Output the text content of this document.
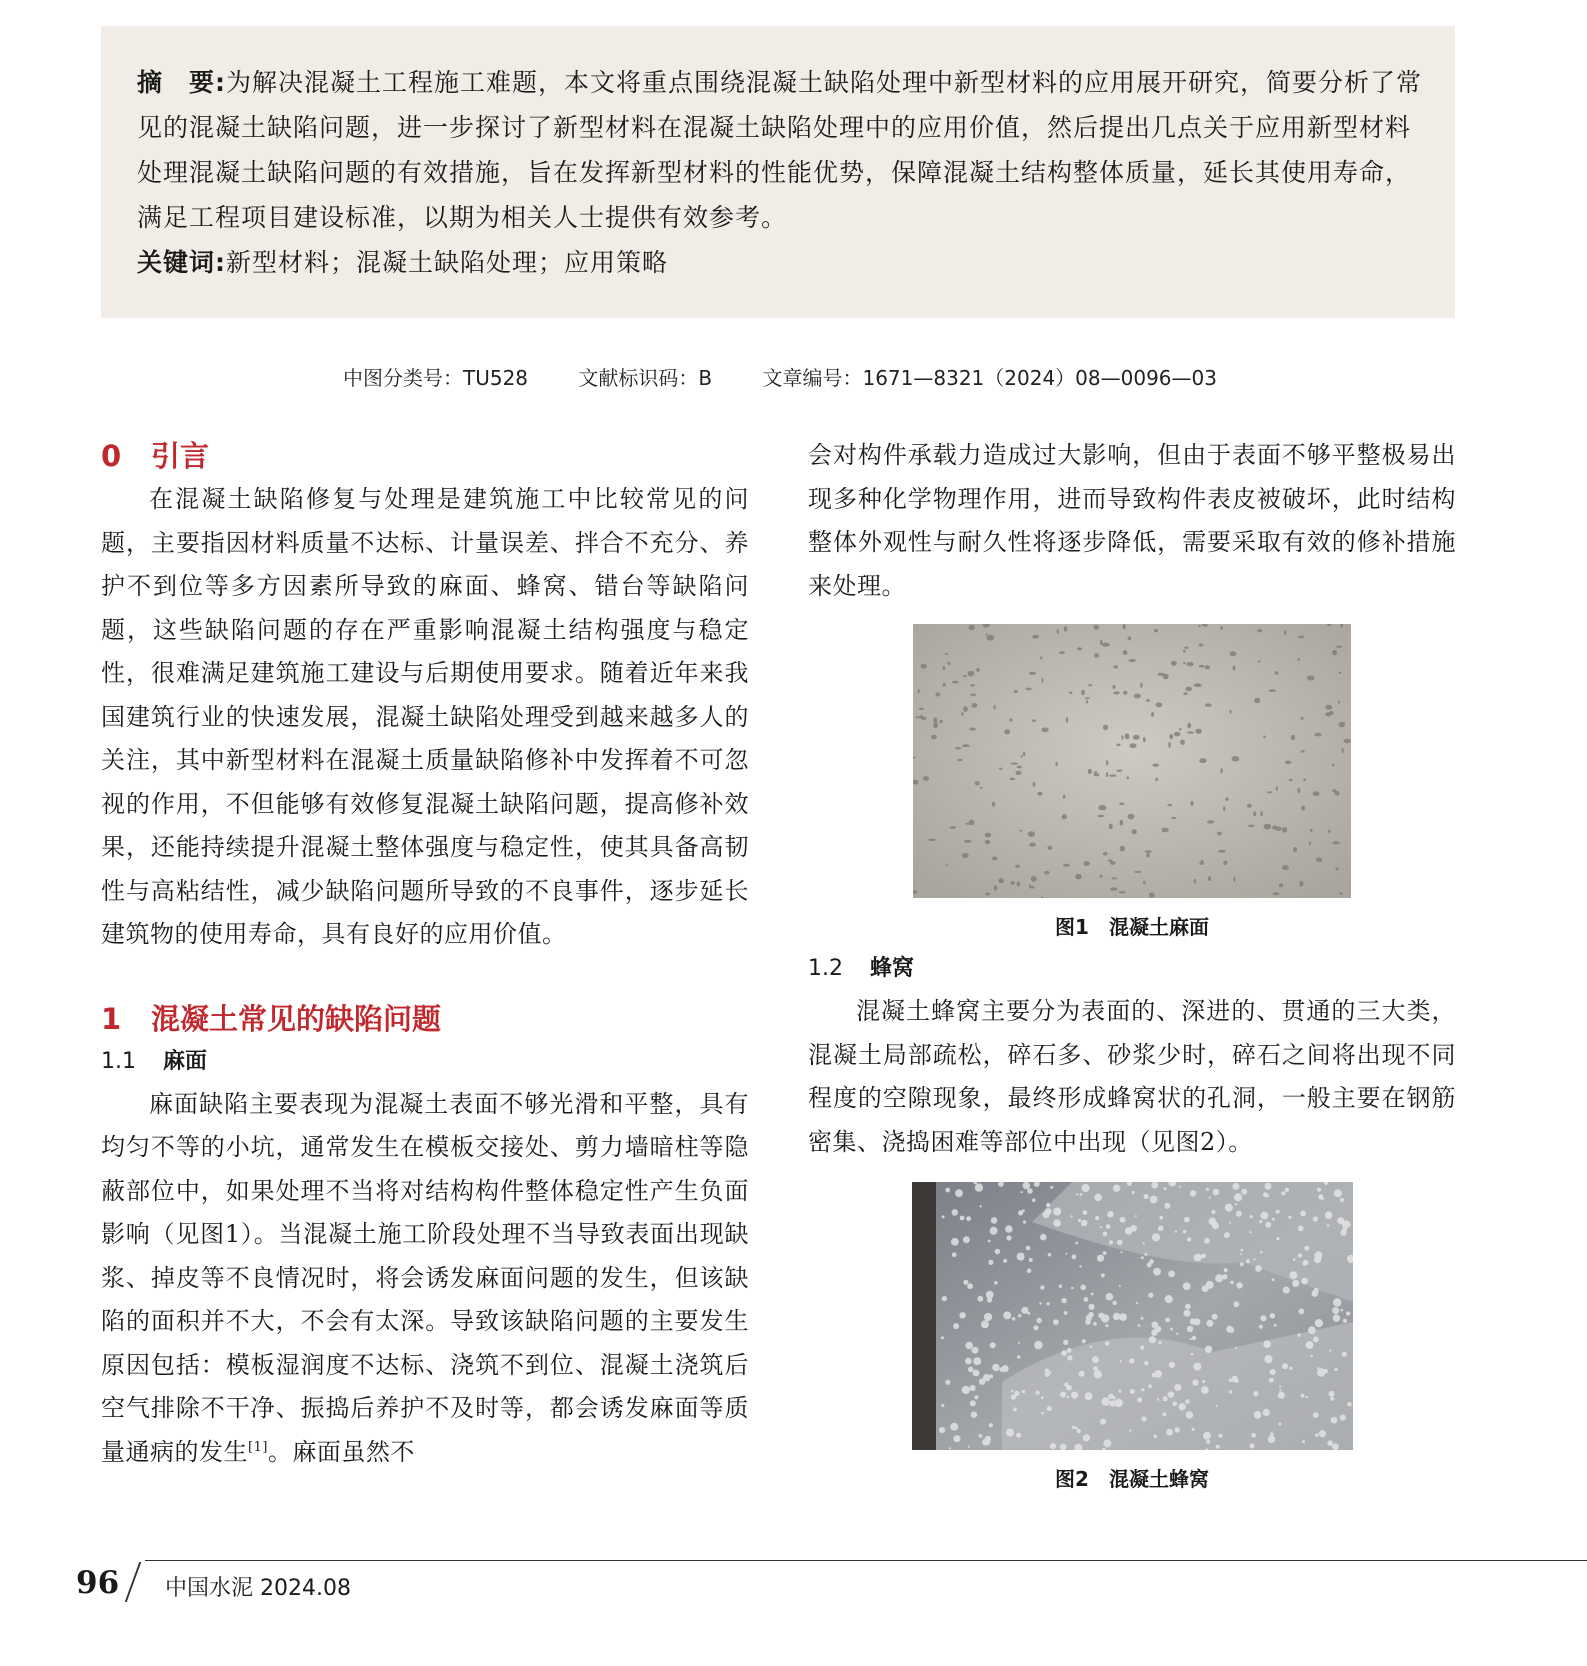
摘　要:为解决混凝土工程施工难题，本文将重点围绕混凝土缺陷处理中新型材料的应用展开研究，简要分析了常见的混凝土缺陷问题，进一步探讨了新型材料在混凝土缺陷处理中的应用价值，然后提出几点关于应用新型材料处理混凝土缺陷问题的有效措施，旨在发挥新型材料的性能优势，保障混凝土结构整体质量，延长其使用寿命，满足工程项目建设标准，以期为相关人士提供有效参考。
关键词:新型材料；混凝土缺陷处理；应用策略
中图分类号：TU528	文献标识码：B	文章编号：1671—8321（2024）08—0096—03
0 引言

在混凝土缺陷修复与处理是建筑施工中比较常见的问题，主要指因材料质量不达标、计量误差、拌合不充分、养护不到位等多方因素所导致的麻面、蜂窝、错台等缺陷问题，这些缺陷问题的存在严重影响混凝土结构强度与稳定性，很难满足建筑施工建设与后期使用要求。随着近年来我国建筑行业的快速发展，混凝土缺陷处理受到越来越多人的关注，其中新型材料在混凝土质量缺陷修补中发挥着不可忽视的作用，不但能够有效修复混凝土缺陷问题，提高修补效果，还能持续提升混凝土整体强度与稳定性，使其具备高韧性与高粘结性，减少缺陷问题所导致的不良事件，逐步延长建筑物的使用寿命，具有良好的应用价值。

1 混凝土常见的缺陷问题
1.1 麻面

麻面缺陷主要表现为混凝土表面不够光滑和平整，具有均匀不等的小坑，通常发生在模板交接处、剪力墙暗柱等隐蔽部位中，如果处理不当将对结构构件整体稳定性产生负面影响（见图1）。当混凝土施工阶段处理不当导致表面出现缺浆、掉皮等不良情况时，将会诱发麻面问题的发生，但该缺陷的面积并不大，不会有太深。导致该缺陷问题的主要发生原因包括：模板湿润度不达标、浇筑不到位、混凝土浇筑后空气排除不干净、振捣后养护不及时等，都会诱发麻面等质量通病的发生[1]。麻面虽然不

会对构件承载力造成过大影响，但由于表面不够平整极易出现多种化学物理作用，进而导致构件表皮被破坏，此时结构整体外观性与耐久性将逐步降低，需要采取有效的修补措施来处理。

图1　混凝土麻面
1.2 蜂窝

混凝土蜂窝主要分为表面的、深进的、贯通的三大类，混凝土局部疏松，碎石多、砂浆少时，碎石之间将出现不同程度的空隙现象，最终形成蜂窝状的孔洞，一般主要在钢筋密集、浇捣困难等部位中出现（见图2）。

图2　混凝土蜂窝
96 中国水泥 2024.08
